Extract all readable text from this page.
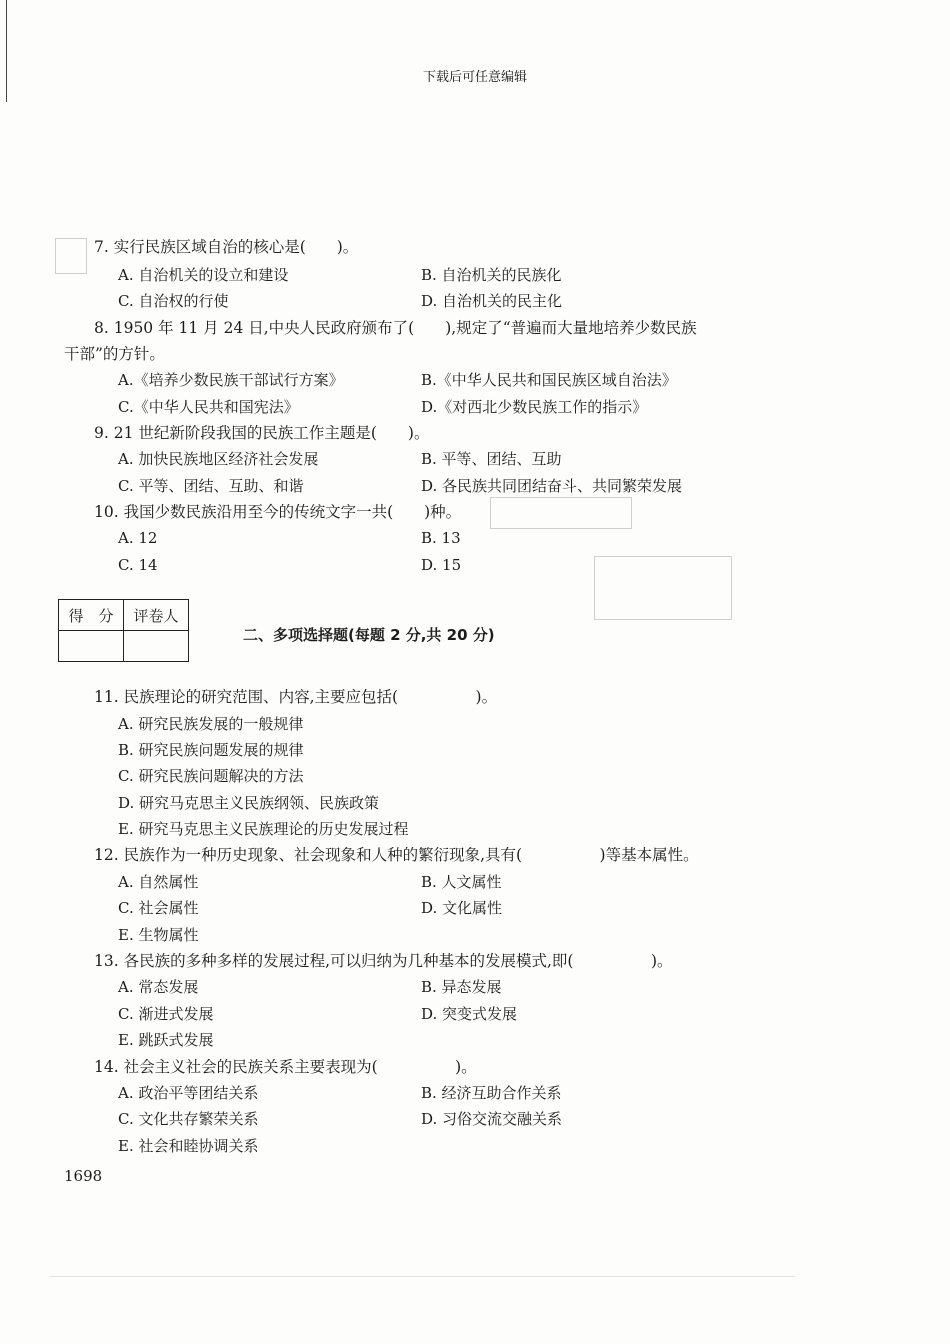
下载后可任意编辑
7. 实行民族区域自治的核心是(　　)。
A. 自治机关的设立和建设	B. 自治机关的民族化
C. 自治权的行使	D. 自治机关的民主化
8. 1950 年 11 月 24 日,中央人民政府颁布了(　　),规定了“普遍而大量地培养少数民族
干部”的方针。
A.《培养少数民族干部试行方案》	B.《中华人民共和国民族区域自治法》
C.《中华人民共和国宪法》	D.《对西北少数民族工作的指示》
9. 21 世纪新阶段我国的民族工作主题是(　　)。
A. 加快民族地区经济社会发展	B. 平等、团结、互助
C. 平等、团结、互助、和谐	D. 各民族共同团结奋斗、共同繁荣发展
10. 我国少数民族沿用至今的传统文字一共(　　)种。
A. 12	B. 13
C. 14	D. 15
得　分	评卷人

二、多项选择题(每题 2 分,共 20 分)
11. 民族理论的研究范围、内容,主要应包括(　　　　　)。
A. 研究民族发展的一般规律
B. 研究民族问题发展的规律
C. 研究民族问题解决的方法
D. 研究马克思主义民族纲领、民族政策
E. 研究马克思主义民族理论的历史发展过程
12. 民族作为一种历史现象、社会现象和人种的繁衍现象,具有(　　　　　)等基本属性。
A. 自然属性	B. 人文属性
C. 社会属性	D. 文化属性
E. 生物属性
13. 各民族的多种多样的发展过程,可以归纳为几种基本的发展模式,即(　　　　　)。
A. 常态发展	B. 异态发展
C. 渐进式发展	D. 突变式发展
E. 跳跃式发展
14. 社会主义社会的民族关系主要表现为(　　　　　)。
A. 政治平等团结关系	B. 经济互助合作关系
C. 文化共存繁荣关系	D. 习俗交流交融关系
E. 社会和睦协调关系
1698
